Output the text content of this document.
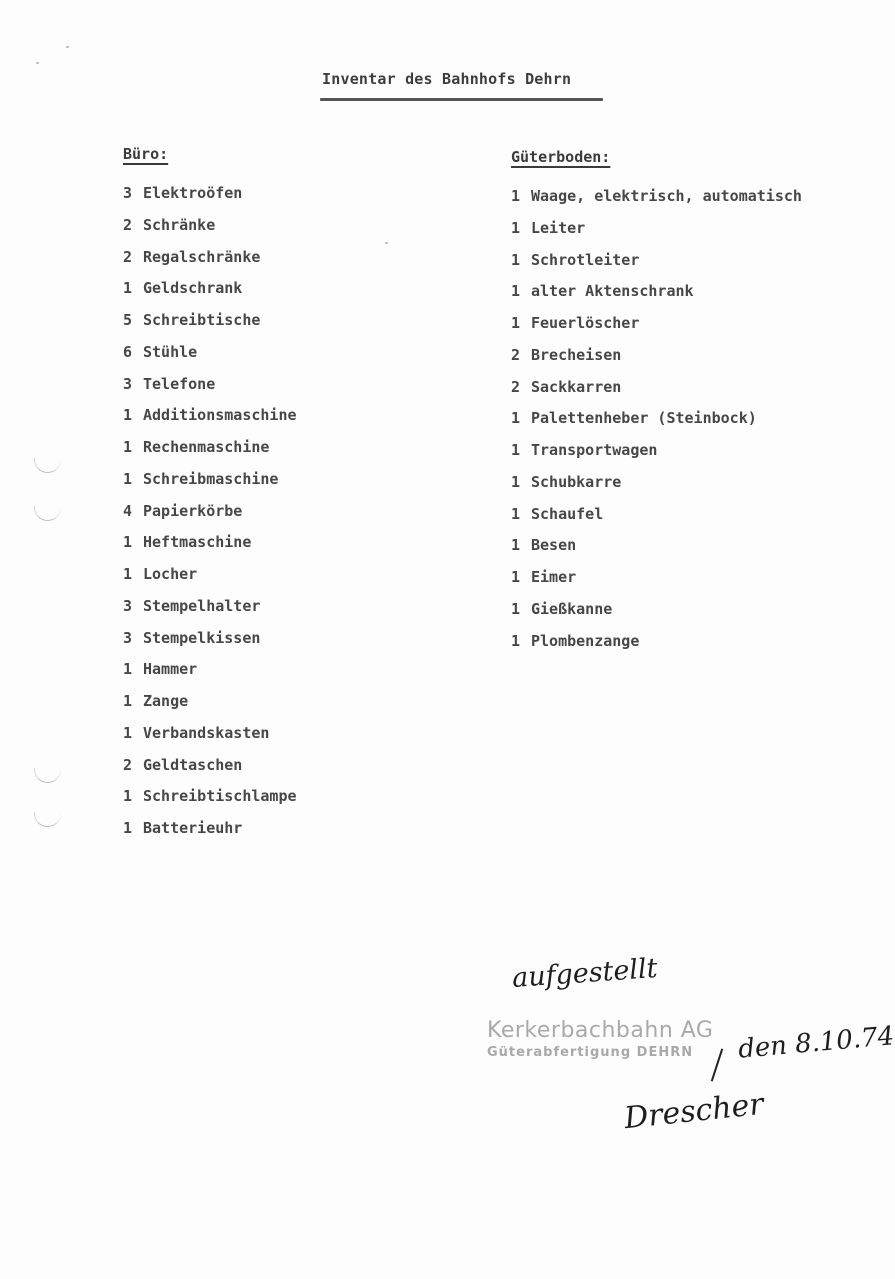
Inventar des Bahnhofs Dehrn
Büro:
3 Elektroöfen
2 Schränke
2 Regalschränke
1 Geldschrank
5 Schreibtische
6 Stühle
3 Telefone
1 Additionsmaschine
1 Rechenmaschine
1 Schreibmaschine
4 Papierkörbe
1 Heftmaschine
1 Locher
3 Stempelhalter
3 Stempelkissen
1 Hammer
1 Zange
1 Verbandskasten
2 Geldtaschen
1 Schreibtischlampe
1 Batterieuhr
Güterboden:
1 Waage, elektrisch, automatisch
1 Leiter
1 Schrotleiter
1 alter Aktenschrank
1 Feuerlöscher
2 Brecheisen
2 Sackkarren
1 Palettenheber (Steinbock)
1 Transportwagen
1 Schubkarre
1 Schaufel
1 Besen
1 Eimer
1 Gießkanne
1 Plombenzange
aufgestellt
Kerkerbachbahn AG
Güterabfertigung DEHRN	den 8.10.74
Drescher
